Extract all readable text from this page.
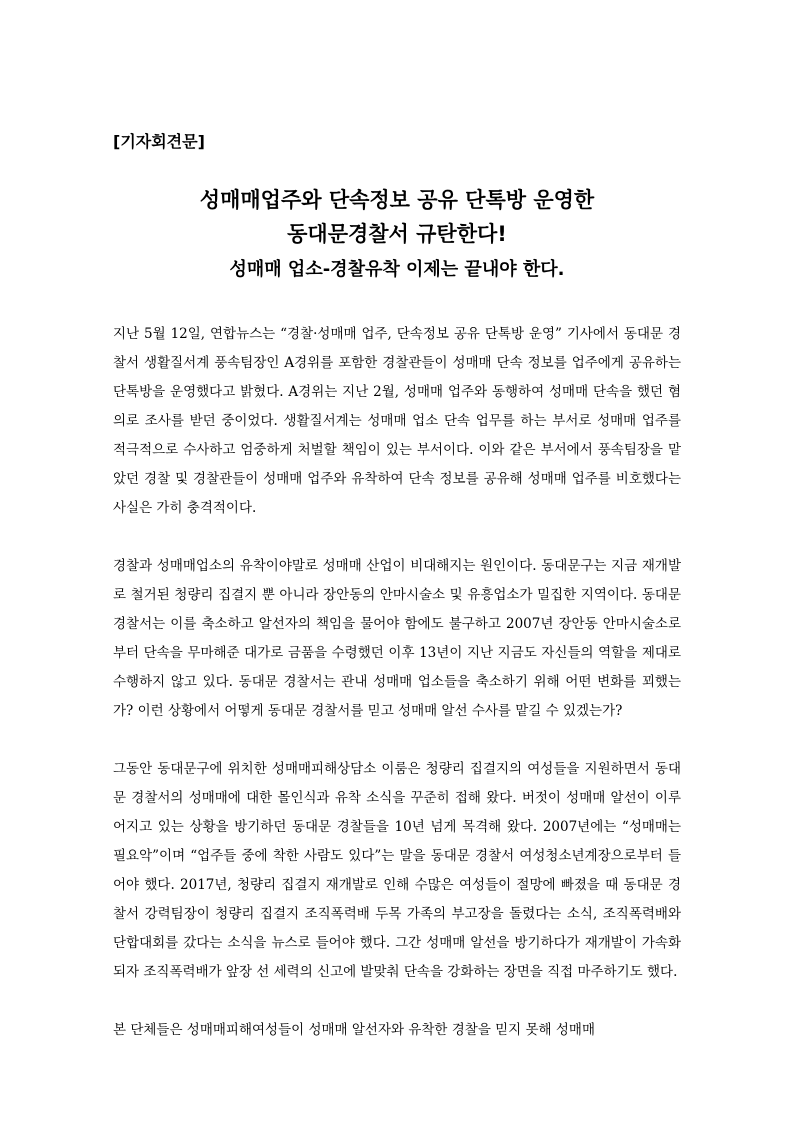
[기자회견문]
성매매업주와 단속정보 공유 단톡방 운영한
동대문경찰서 규탄한다!
성매매 업소-경찰유착 이제는 끝내야 한다.

지난 5월 12일, 연합뉴스는 “경찰·성매매 업주, 단속정보 공유 단톡방 운영” 기사에서 동대문 경찰서 생활질서계 풍속팀장인 A경위를 포함한 경찰관들이 성매매 단속 정보를 업주에게 공유하는 단톡방을 운영했다고 밝혔다. A경위는 지난 2월, 성매매 업주와 동행하여 성매매 단속을 했던 혐의로 조사를 받던 중이었다. 생활질서계는 성매매 업소 단속 업무를 하는 부서로 성매매 업주를 적극적으로 수사하고 엄중하게 처벌할 책임이 있는 부서이다. 이와 같은 부서에서 풍속팀장을 맡았던 경찰 및 경찰관들이 성매매 업주와 유착하여 단속 정보를 공유해 성매매 업주를 비호했다는 사실은 가히 충격적이다.

경찰과 성매매업소의 유착이야말로 성매매 산업이 비대해지는 원인이다. 동대문구는 지금 재개발로 철거된 청량리 집결지 뿐 아니라 장안동의 안마시술소 및 유흥업소가 밀집한 지역이다. 동대문 경찰서는 이를 축소하고 알선자의 책임을 물어야 함에도 불구하고 2007년 장안동 안마시술소로부터 단속을 무마해준 대가로 금품을 수령했던 이후 13년이 지난 지금도 자신들의 역할을 제대로 수행하지 않고 있다. 동대문 경찰서는 관내 성매매 업소들을 축소하기 위해 어떤 변화를 꾀했는가? 이런 상황에서 어떻게 동대문 경찰서를 믿고 성매매 알선 수사를 맡길 수 있겠는가?

그동안 동대문구에 위치한 성매매피해상담소 이룸은 청량리 집결지의 여성들을 지원하면서 동대문 경찰서의 성매매에 대한 몰인식과 유착 소식을 꾸준히 접해 왔다. 버젓이 성매매 알선이 이루어지고 있는 상황을 방기하던 동대문 경찰들을 10년 넘게 목격해 왔다. 2007년에는 “성매매는 필요악”이며 “업주들 중에 착한 사람도 있다”는 말을 동대문 경찰서 여성청소년계장으로부터 들어야 했다. 2017년, 청량리 집결지 재개발로 인해 수많은 여성들이 절망에 빠졌을 때 동대문 경찰서 강력팀장이 청량리 집결지 조직폭력배 두목 가족의 부고장을 돌렸다는 소식, 조직폭력배와 단합대회를 갔다는 소식을 뉴스로 들어야 했다. 그간 성매매 알선을 방기하다가 재개발이 가속화되자 조직폭력배가 앞장 선 세력의 신고에 발맞춰 단속을 강화하는 장면을 직접 마주하기도 했다.

본 단체들은 성매매피해여성들이 성매매 알선자와 유착한 경찰을 믿지 못해 성매매
